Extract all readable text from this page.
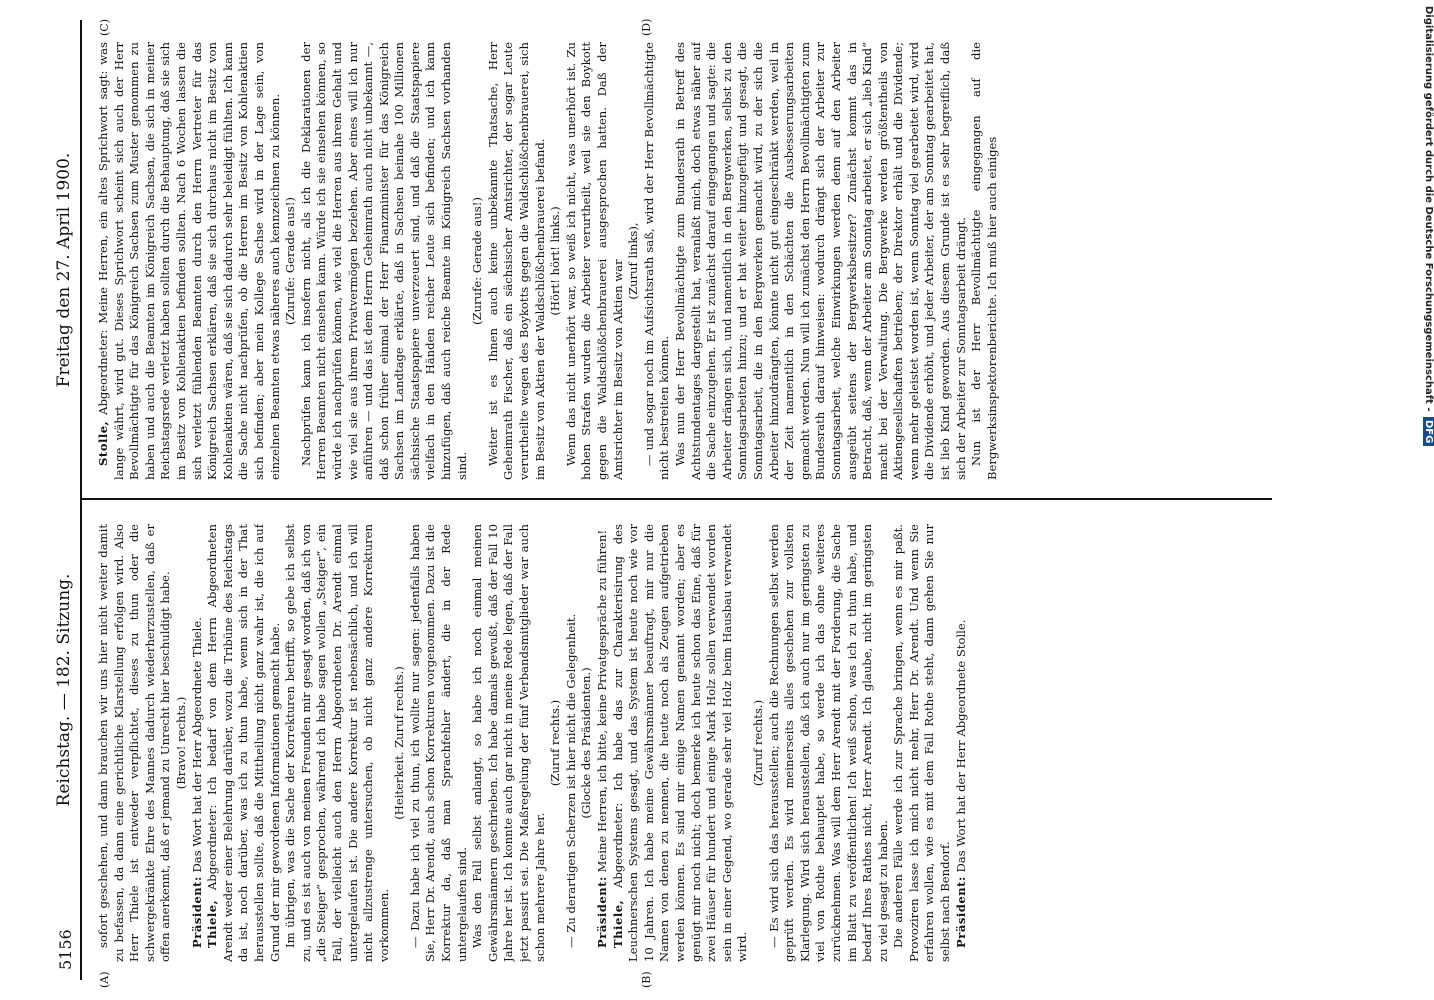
5156
Reichstag. — 182. Sitzung.
Freitag den 27. April 1900.
(A)	(B)
(C)	(D)

sofort geschehen, und dann brauchen wir uns hier nicht weiter damit zu befassen, da dann eine gerichtliche Klarstellung erfolgen wird. Also Herr Thiele ist entweder verpflichtet, dieses zu thun oder die schwergekränkte Ehre des Mannes dadurch wiederherzustellen, daß er offen anerkennt, daß er jemand zu Unrecht hier beschuldigt habe. (Bravo! rechts.)

Präsident: Das Wort hat der Herr Abgeordnete Thiele.

Thiele, Abgeordneter: Ich bedarf von dem Herrn Abgeordneten Arendt weder einer Belehrung darüber, wozu die Tribüne des Reichstags da ist, noch darüber, was ich zu thun habe, wenn sich in der That herausstellen sollte, daß die Mittheilung nicht ganz wahr ist, die ich auf Grund der mir gewordenen Informationen gemacht habe. Im übrigen, was die Sache der Korrekturen betrifft, so gebe ich selbst zu, und es ist auch von meinen Freunden mir gesagt worden, daß ich von „die Steiger“ gesprochen, während ich habe sagen wollen „Steiger“, ein Fall, der vielleicht auch den Herrn Abgeordneten Dr. Arendt einmal untergelaufen ist. Die andere Korrektur ist nebensächlich, und ich will nicht allzustrenge untersuchen, ob nicht ganz andere Korrekturen vorkommen.

(Heiterkeit. Zuruf rechts.) — Dazu habe ich viel zu thun, ich wollte nur sagen: jedenfalls haben Sie, Herr Dr. Arendt, auch schon Korrekturen vorgenommen. Dazu ist die Korrektur da, daß man Sprachfehler ändert, die in der Rede untergelaufen sind. Was den Fall selbst anlangt, so habe ich noch einmal meinen Gewährsmännern geschrieben. Ich habe damals gewußt, daß der Fall 10 Jahre her ist. Ich konnte auch gar nicht in meine Rede legen, daß der Fall jetzt passirt sei. Die Maßregelung der fünf Verbandsmitglieder war auch schon mehrere Jahre her.

(Zuruf rechts.) — Zu derartigen Scherzen ist hier nicht die Gelegenheit. (Glocke des Präsidenten.)

Präsident: Meine Herren, ich bitte, keine Privatgespräche zu führen!

Thiele, Abgeordneter: Ich habe das zur Charakterisirung des Leuchnerschen Systems gesagt, und das System ist heute noch wie vor 10 Jahren. Ich habe meine Gewährsmänner beauftragt, mir nur die Namen von denen zu nennen, die heute noch als Zeugen aufgetrieben werden können. Es sind mir einige Namen genannt worden; aber es genügt mir noch nicht; doch bemerke ich heute schon das Eine, daß für zwei Häuser für hundert und einige Mark Holz sollen verwendet worden sein in einer Gegend, wo gerade sehr viel Holz beim Hausbau verwendet wird.

(Zuruf rechts.) — Es wird sich das herausstellen; auch die Rechnungen selbst werden geprüft werden. Es wird meinerseits alles geschehen zur vollsten Klarlegung. Wird sich herausstellen, daß ich auch nur im geringsten zu viel von Rothe behauptet habe, so werde ich das ohne weiteres zurücknehmen. Was will dem Herr Arendt mit der Forderung, die Sache im Blatt zu veröffentlichen! Ich weiß schon, was ich zu thun habe, und bedarf Ihres Rathes nicht, Herr Arendt. Ich glaube, nicht im geringsten zu viel gesagt zu haben. Die anderen Fälle werde ich zur Sprache bringen, wenn es mir paßt. Provoziren lasse ich mich nicht mehr, Herr Dr. Arendt. Und wenn Sie erfahren wollen, wie es mit dem Fall Rothe steht, dann gehen Sie nur selbst nach Bendorf. Präsident: Das Wort hat der Herr Abgeordnete Stolle.

Stolle, Abgeordneter: Meine Herren, ein altes Sprichwort sagt: was lange währt, wird gut. Dieses Sprichwort scheint sich auch der Herr Bevollmächtigte für das Königreich Sachsen zum Muster genommen zu haben und auch die Beamten im Königreich Sachsen, die sich in meiner Reichstagsrede verletzt haben sollten durch die Behauptung, daß sie sich im Besitz von Kohlenaktien befinden sollten. Nach 6 Wochen lassen die sich verletzt fühlenden Beamten durch den Herrn Vertreter für das Königreich Sachsen erklären, daß sie sich durchaus nicht im Besitz von Kohlenaktien wären, daß sie sich dadurch sehr beleidigt fühlten. Ich kann die Sache nicht nachprüfen, ob die Herren im Besitz von Kohlenaktien sich befinden; aber mein Kollege Sachse wird in der Lage sein, von einzelnen Beamten etwas näheres auch kennzeichnen zu können. (Zurufe: Gerade aus!) Nachprüfen kann ich insofern nicht, als ich die Deklarationen der Herren Beamten nicht einsehen kann. Würde ich sie einsehen können, so würde ich nachprüfen können, wie viel die Herren aus ihrem Gehalt und wie viel sie aus ihrem Privatvermögen beziehen. Aber eines will ich nur anführen — und das ist dem Herrn Geheimrath auch nicht unbekannt —, daß schon früher einmal der Herr Finanzminister für das Königreich Sachsen im Landtage erklärte, daß in Sachsen beinahe 100 Millionen sächsische Staatspapiere unverzeuert sind, und daß die Staatspapiere vielfach in den Händen reicher Leute sich befinden; und ich kann hinzufügen, daß auch reiche Beamte im Königreich Sachsen vorhanden sind.

(Zurufe: Gerade aus!) Weiter ist es Ihnen auch keine unbekannte Thatsache, Herr Geheimrath Fischer, daß ein sächsischer Amtsrichter, der sogar Leute verurtheilte wegen des Boykotts gegen die Waldschlößchenbrauerei, sich im Besitz von Aktien der Waldschlößchenbrauerei befand. (Hört! hört! links.) Wenn das nicht unerhört war, so weiß ich nicht, was unerhört ist. Zu hohen Strafen wurden die Arbeiter verurtheilt, weil sie den Boykott gegen die Waldschlößchenbrauerei ausgesprochen hatten. Daß der Amtsrichter im Besitz von Aktien war (Zuruf links), — und sogar noch im Aufsichtsrath saß, wird der Herr Bevollmächtigte nicht bestreiten können. Was nun der Herr Bevollmächtigte zum Bundesrath in Betreff des Achtstundentages dargestellt hat, veranlaßt mich, doch etwas näher auf die Sache einzugehen. Er ist zunächst darauf eingegangen und sagte: die Arbeiter drängen sich, und namentlich in den Bergwerken, selbst zu den Sonntagsarbeiten hinzu; und er hat weiter hinzugefügt und gesagt, die Sonntagsarbeit, die in den Bergwerken gemacht wird, zu der sich die Arbeiter hinzudrängten, könnte nicht gut eingeschränkt werden, weil in der Zeit namentlich in den Schächten die Ausbesserungsarbeiten gemacht werden. Nun will ich zunächst den Herrn Bevollmächtigten zum Bundesrath darauf hinweisen: wodurch drängt sich der Arbeiter zur Sonntagsarbeit, welche Einwirkungen werden denn auf den Arbeiter ausgeübt seitens der Bergwerksbesitzer? Zunächst kommt das in Betracht, daß, wenn der Arbeiter am Sonntag arbeitet, er sich „lieb Kind“ macht bei der Verwaltung. Die Bergwerke werden größtentheils von Aktiengesellschaften betrieben; der Direktor erhält und die Dividende; wenn mehr geleistet worden ist, wenn Sonntag viel gearbeitet wird, wird die Dividende erhöht, und jeder Arbeiter, der am Sonntag gearbeitet hat, ist lieb Kind geworden. Aus diesem Grunde ist es sehr begreiflich, daß sich der Arbeiter zur Sonntagsarbeit drängt. Nun ist der Herr Bevollmächtigte eingegangen auf die Bergwerksinspektorenberichte. Ich muß hier auch einiges	Digitalisierung gefördert durch die Deutsche Forschungsgemeinschaft - DFG
